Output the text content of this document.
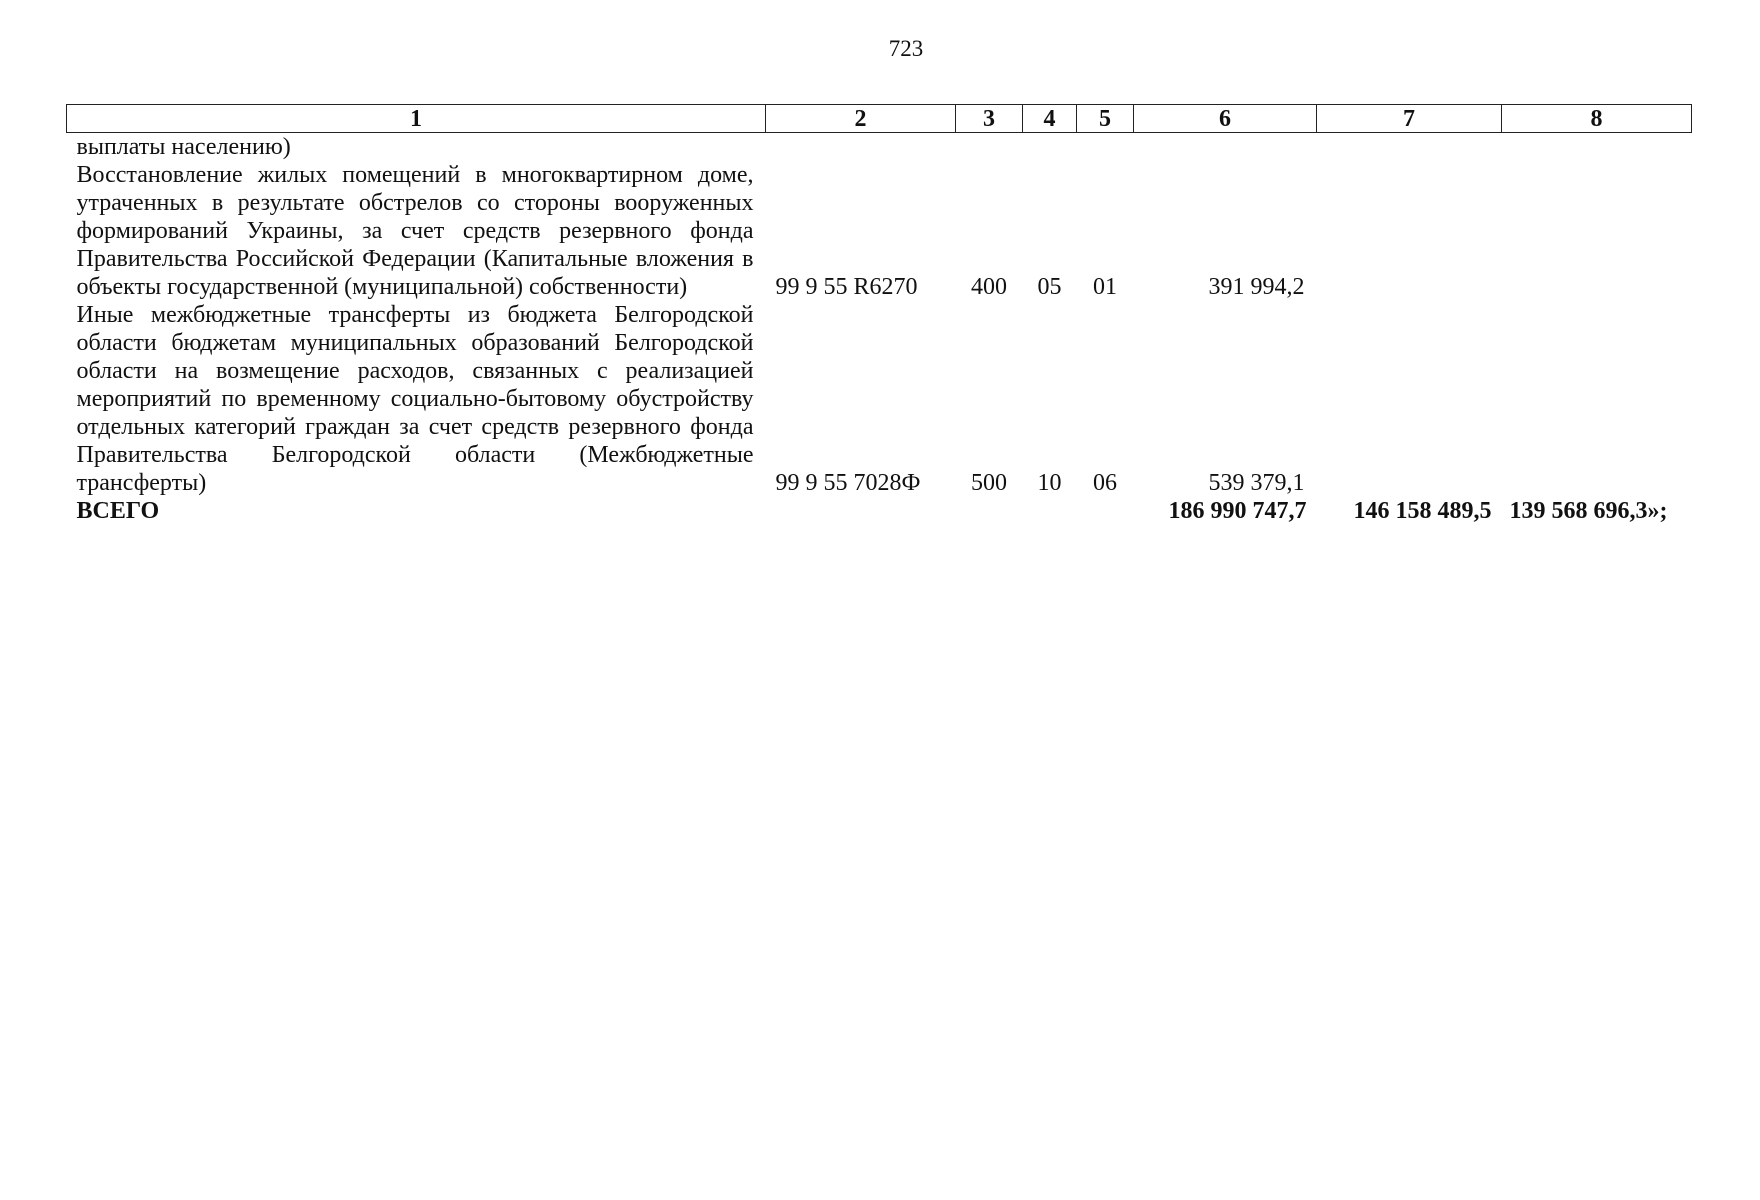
723
1	2	3	4	5	6	7	8
выплаты населению)							
Восстановление жилых помещений в многоквартирном доме, утраченных в результате обстрелов со стороны вооруженных формирований Украины, за счет средств резервного фонда Правительства Российской Федерации (Капитальные вложения в объекты государственной (муниципальной) собственности)	99 9 55 R6270	400	05	01	391 994,2		
Иные межбюджетные трансферты из бюджета Белгородской области бюджетам муниципальных образований Белгородской области на возмещение расходов, связанных с реализацией мероприятий по временному социально-бытовому обустройству отдельных категорий граждан за счет средств резервного фонда Правительства Белгородской области (Межбюджетные трансферты)	99 9 55 7028Ф	500	10	06	539 379,1		
ВСЕГО					186 990 747,7	146 158 489,5	139 568 696,3»;
